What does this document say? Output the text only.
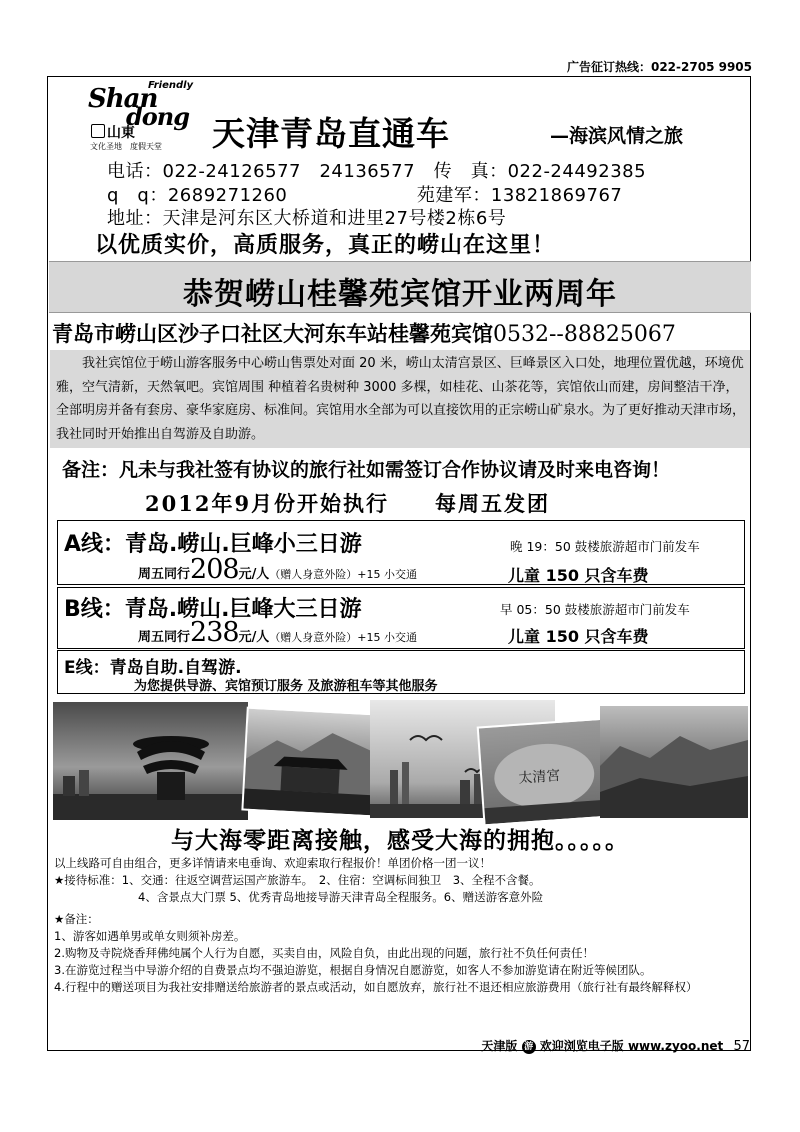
广告征订热线：022-2705 9905
Friendly
Shan
dong
山東
文化圣地　度假天堂 天津青岛直通车	—海滨风情之旅
电话：022-24126577　24136577　传　真：022-24492385
q　q：2689271260　　　　　　　苑建军：13821869767
地址：天津是河东区大桥道和进里27号楼2栋6号
以优质实价，高质服务，真正的崂山在这里！
恭贺崂山桂馨苑宾馆开业两周年
青岛市崂山区沙子口社区大河东车站桂馨苑宾馆0532--88825067
我社宾馆位于崂山游客服务中心崂山售票处对面 20 米，崂山太清宫景区、巨峰景区入口处，地理位置优越，环境优雅，空气清新，天然氧吧。宾馆周围 种植着名贵树种 3000 多棵，如桂花、山茶花等，宾馆依山而建，房间整洁干净，全部明房并备有套房、豪华家庭房、标准间。宾馆用水全部为可以直接饮用的正宗崂山矿泉水。为了更好推动天津市场，我社同时开始推出自驾游及自助游。
备注：凡未与我社签有协议的旅行社如需签订合作协议请及时来电咨询！
2012年9月份开始执行　　每周五发团
A线：青岛.崂山.巨峰小三日游	晚 19：50 鼓楼旅游超市门前发车
周五同行208元/人（赠人身意外险）+15 小交通	儿童 150 只含车费
B线：青岛.崂山.巨峰大三日游	早 05：50 鼓楼旅游超市门前发车
周五同行238元/人（赠人身意外险）+15 小交通	儿童 150 只含车费
E线：青岛自助.自驾游.
为您提供导游、宾馆预订服务 及旅游租车等其他服务
太清宮
与大海零距离接触，感受大海的拥抱。。。。。
以上线路可自由组合，更多详情请来电垂询、欢迎索取行程报价！单团价格一团一议！
★接待标准：1、交通：往返空调营运国产旅游车。　2、住宿：空调标间独卫　3、全程不含餐。
4、含景点大门票 5、优秀青岛地接导游天津青岛全程服务。6、赠送游客意外险
★备注：
1、游客如遇单男或单女则须补房差。
2.购物及寺院烧香拜佛纯属个人行为自愿，买卖自由，风险自负，由此出现的问题，旅行社不负任何责任！
3.在游览过程当中导游介绍的自费景点均不强迫游览，根据自身情况自愿游览，如客人不参加游览请在附近等候团队。
4.行程中的赠送项目为我社安排赠送给旅游者的景点或活动，如自愿放弃，旅行社不退还相应旅游费用（旅行社有最终解释权）
天津版 游 欢迎浏览电子版 www.zyoo.net 57
